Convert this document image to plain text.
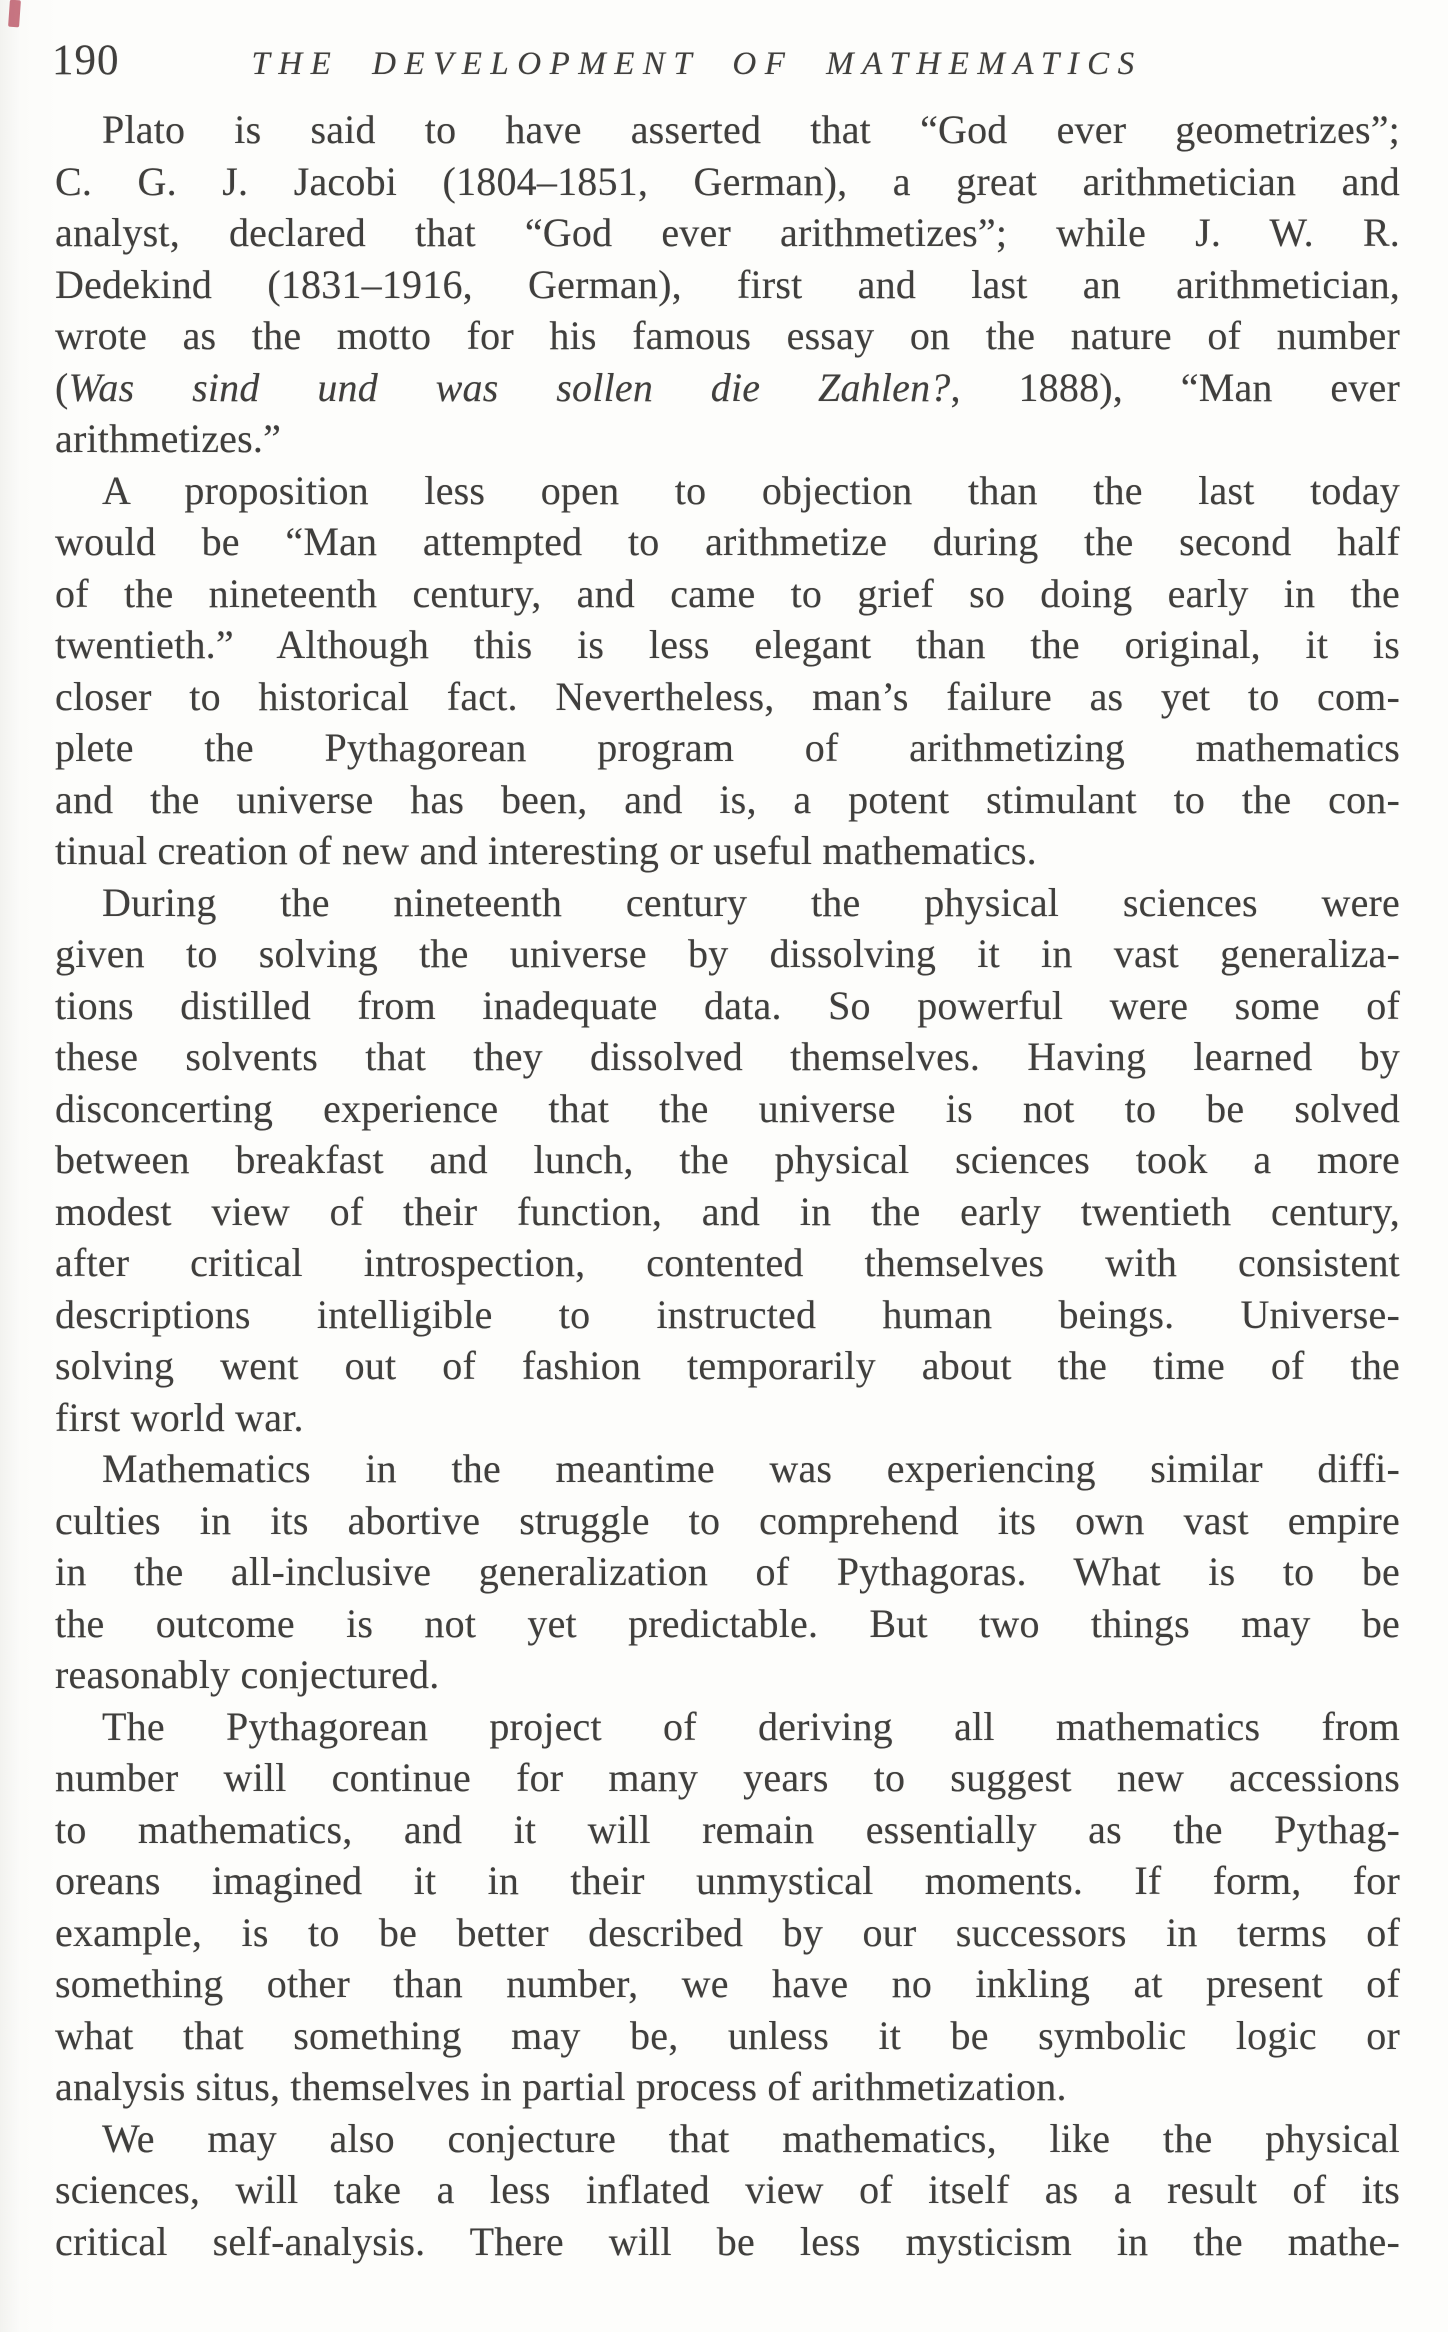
190	THE DEVELOPMENT OF MATHEMATICS
Plato is said to have asserted that “God ever geometrizes”;
C. G. J. Jacobi (1804–1851, German), a great arithmetician and
analyst, declared that “God ever arithmetizes”; while J. W. R.
Dedekind (1831–1916, German), first and last an arithmetician,
wrote as the motto for his famous essay on the nature of number
(Was sind und was sollen die Zahlen?, 1888), “Man ever
arithmetizes.”
A proposition less open to objection than the last today
would be “Man attempted to arithmetize during the second half
of the nineteenth century, and came to grief so doing early in the
twentieth.” Although this is less elegant than the original, it is
closer to historical fact. Nevertheless, man’s failure as yet to com-
plete the Pythagorean program of arithmetizing mathematics
and the universe has been, and is, a potent stimulant to the con-
tinual creation of new and interesting or useful mathematics.
During the nineteenth century the physical sciences were
given to solving the universe by dissolving it in vast generaliza-
tions distilled from inadequate data. So powerful were some of
these solvents that they dissolved themselves. Having learned by
disconcerting experience that the universe is not to be solved
between breakfast and lunch, the physical sciences took a more
modest view of their function, and in the early twentieth century,
after critical introspection, contented themselves with consistent
descriptions intelligible to instructed human beings. Universe-
solving went out of fashion temporarily about the time of the
first world war.
Mathematics in the meantime was experiencing similar diffi-
culties in its abortive struggle to comprehend its own vast empire
in the all-inclusive generalization of Pythagoras. What is to be
the outcome is not yet predictable. But two things may be
reasonably conjectured.
The Pythagorean project of deriving all mathematics from
number will continue for many years to suggest new accessions
to mathematics, and it will remain essentially as the Pythag-
oreans imagined it in their unmystical moments. If form, for
example, is to be better described by our successors in terms of
something other than number, we have no inkling at present of
what that something may be, unless it be symbolic logic or
analysis situs, themselves in partial process of arithmetization.
We may also conjecture that mathematics, like the physical
sciences, will take a less inflated view of itself as a result of its
critical self-analysis. There will be less mysticism in the mathe-
